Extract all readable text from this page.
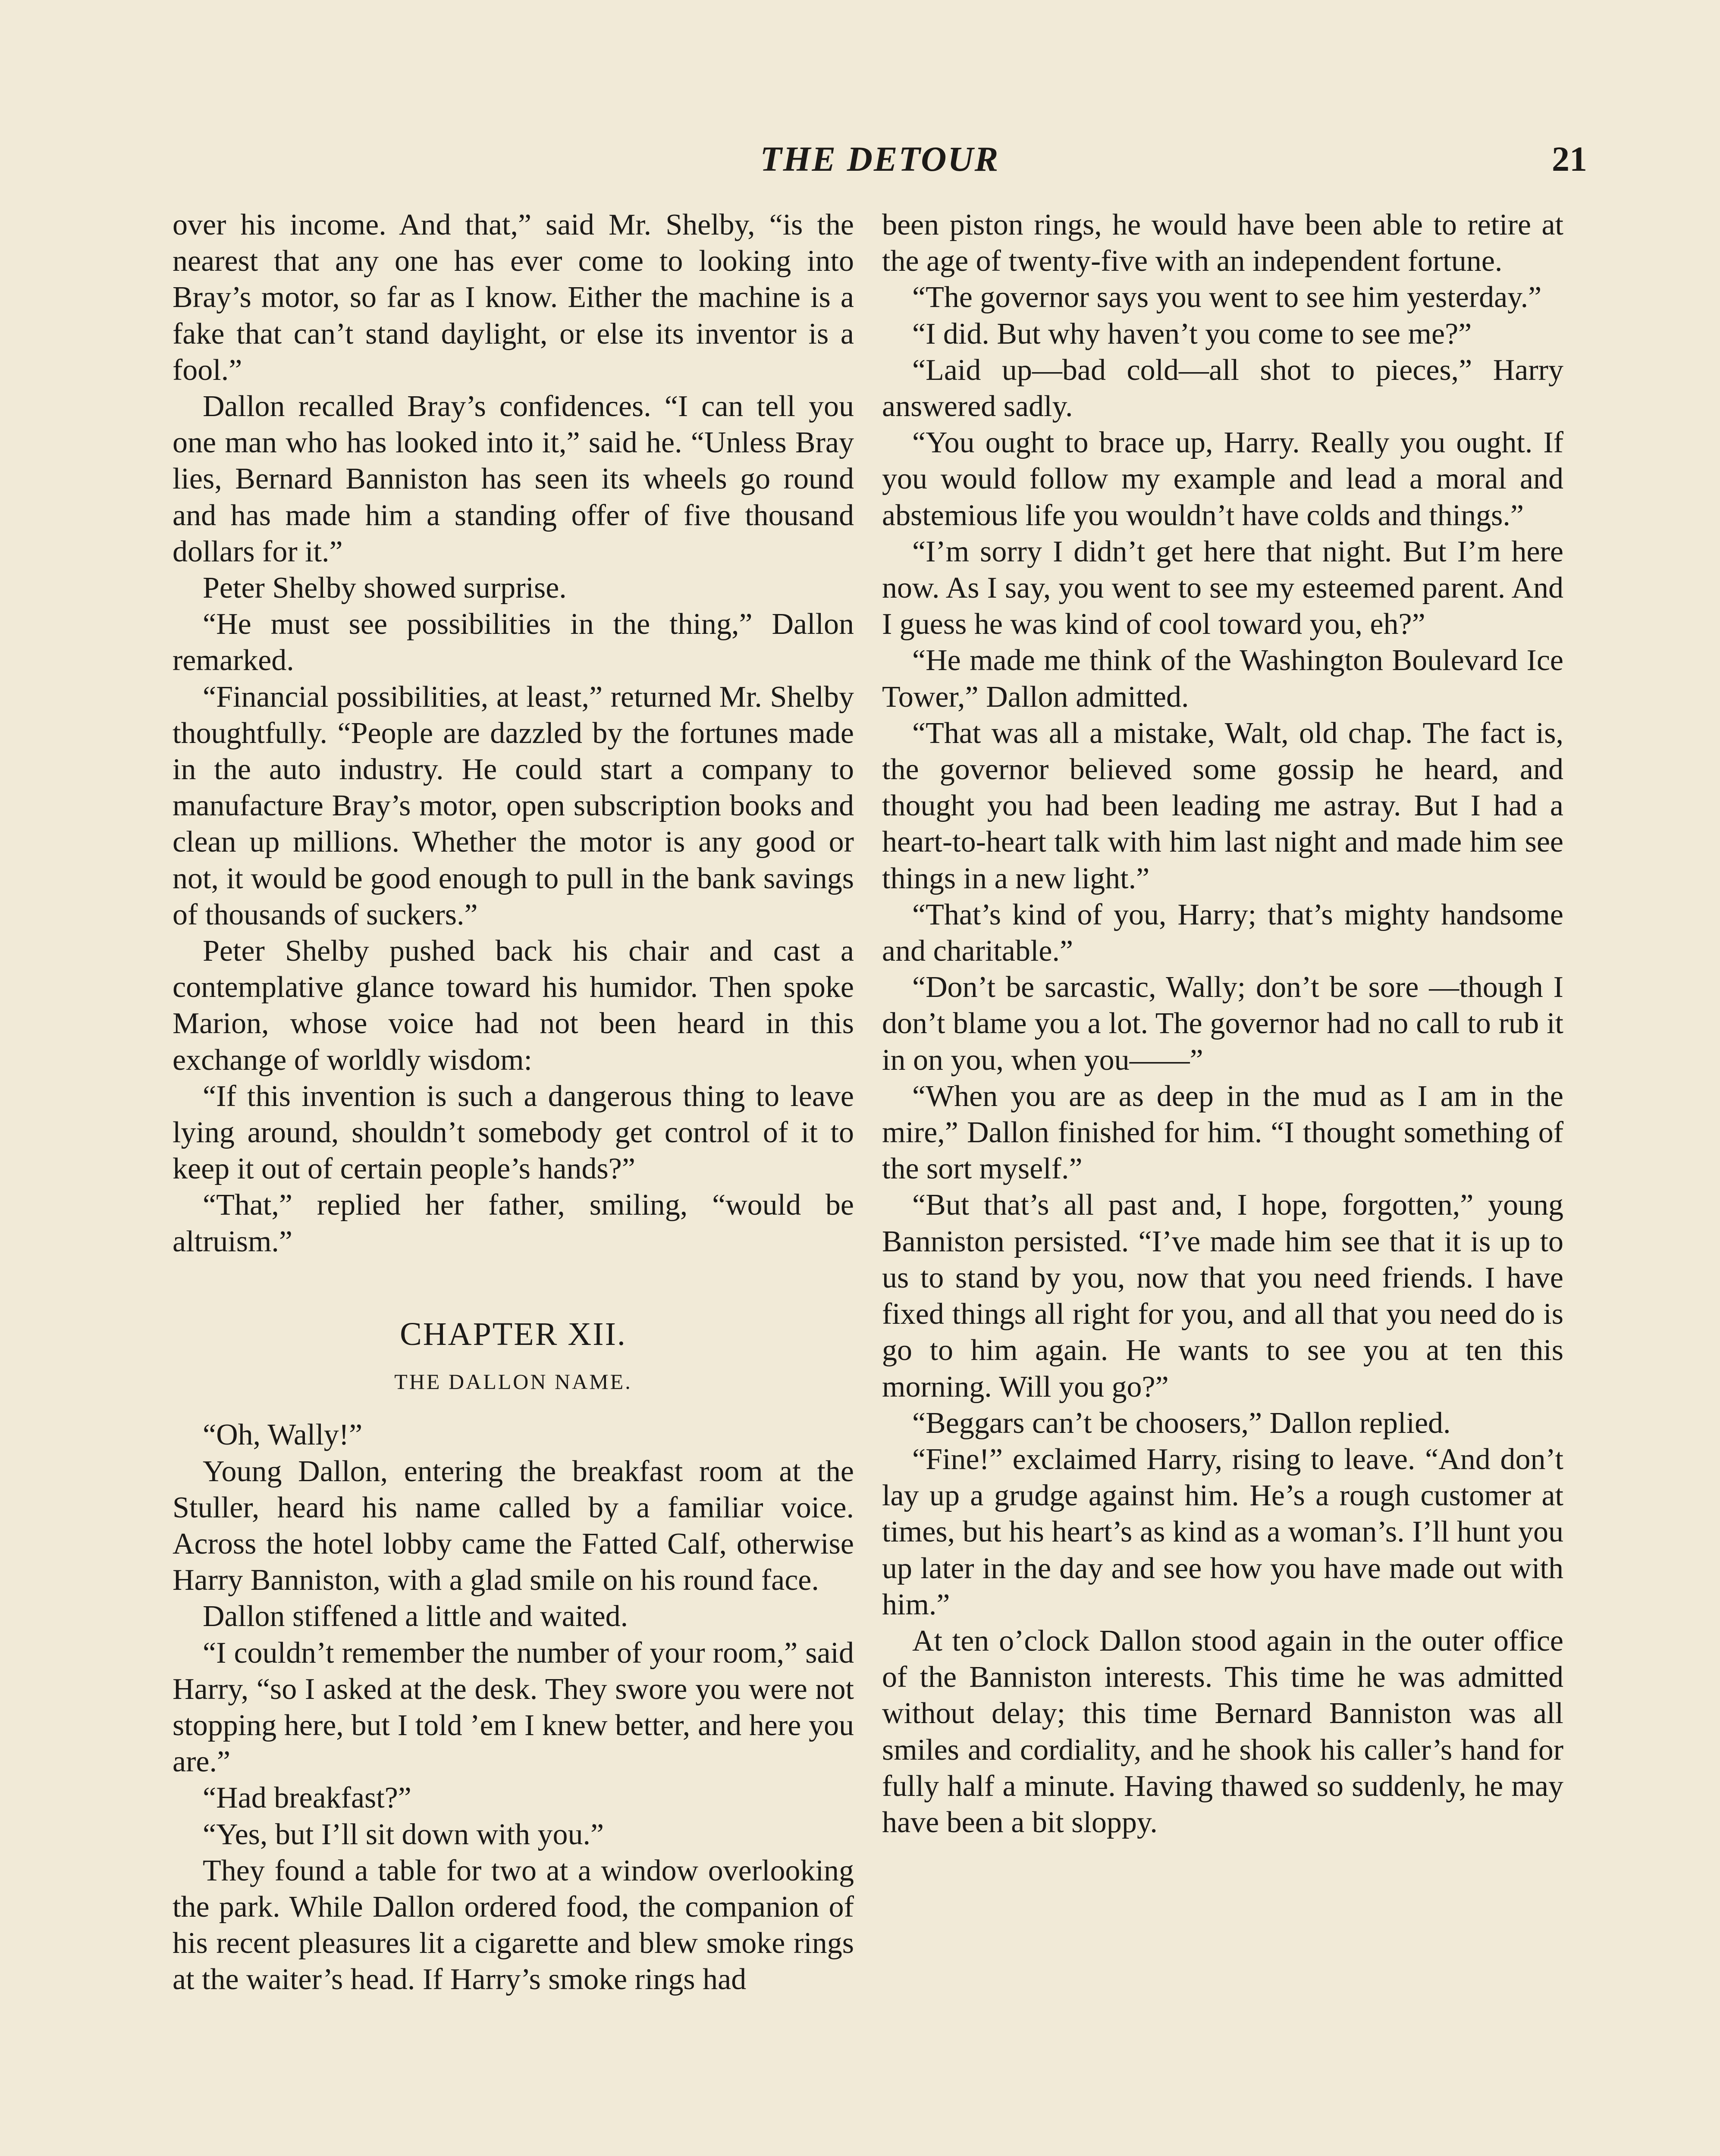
THE DETOUR	21

over his income. And that,” said Mr. Shelby, “is the nearest that any one has ever come to looking into Bray’s motor, so far as I know. Either the machine is a fake that can’t stand daylight, or else its inventor is a fool.”

Dallon recalled Bray’s confidences. “I can tell you one man who has looked into it,” said he. “Unless Bray lies, Bernard Banniston has seen its wheels go round and has made him a standing offer of five thousand dollars for it.”

Peter Shelby showed surprise.

“He must see possibilities in the thing,” Dallon remarked.

“Financial possibilities, at least,” returned Mr. Shelby thoughtfully. “People are dazzled by the fortunes made in the auto industry. He could start a company to manufacture Bray’s motor, open subscription books and clean up millions. Whether the motor is any good or not, it would be good enough to pull in the bank savings of thousands of suckers.”

Peter Shelby pushed back his chair and cast a contemplative glance toward his humidor. Then spoke Marion, whose voice had not been heard in this exchange of worldly wisdom:

“If this invention is such a dangerous thing to leave lying around, shouldn’t somebody get control of it to keep it out of certain people’s hands?”

“That,” replied her father, smiling, “would be altruism.”

CHAPTER XII.
THE DALLON NAME.

“Oh, Wally!”

Young Dallon, entering the breakfast room at the Stuller, heard his name called by a familiar voice. Across the hotel lobby came the Fatted Calf, otherwise Harry Banniston, with a glad smile on his round face.

Dallon stiffened a little and waited.

“I couldn’t remember the number of your room,” said Harry, “so I asked at the desk. They swore you were not stopping here, but I told ’em I knew better, and here you are.”

“Had breakfast?”

“Yes, but I’ll sit down with you.”

They found a table for two at a window overlooking the park. While Dallon ordered food, the companion of his recent pleasures lit a cigarette and blew smoke rings at the waiter’s head. If Harry’s smoke rings had

been piston rings, he would have been able to retire at the age of twenty-five with an independent fortune.

“The governor says you went to see him yesterday.”

“I did. But why haven’t you come to see me?”

“Laid up—bad cold—all shot to pieces,” Harry answered sadly.

“You ought to brace up, Harry. Really you ought. If you would follow my example and lead a moral and abstemious life you wouldn’t have colds and things.”

“I’m sorry I didn’t get here that night. But I’m here now. As I say, you went to see my esteemed parent. And I guess he was kind of cool toward you, eh?”

“He made me think of the Washington Boulevard Ice Tower,” Dallon admitted.

“That was all a mistake, Walt, old chap. The fact is, the governor believed some gossip he heard, and thought you had been leading me astray. But I had a heart-to-heart talk with him last night and made him see things in a new light.”

“That’s kind of you, Harry; that’s mighty handsome and charitable.”

“Don’t be sarcastic, Wally; don’t be sore —though I don’t blame you a lot. The governor had no call to rub it in on you, when you——”

“When you are as deep in the mud as I am in the mire,” Dallon finished for him. “I thought something of the sort myself.”

“But that’s all past and, I hope, forgotten,” young Banniston persisted. “I’ve made him see that it is up to us to stand by you, now that you need friends. I have fixed things all right for you, and all that you need do is go to him again. He wants to see you at ten this morning. Will you go?”

“Beggars can’t be choosers,” Dallon replied.

“Fine!” exclaimed Harry, rising to leave. “And don’t lay up a grudge against him. He’s a rough customer at times, but his heart’s as kind as a woman’s. I’ll hunt you up later in the day and see how you have made out with him.”

At ten o’clock Dallon stood again in the outer office of the Banniston interests. This time he was admitted without delay; this time Bernard Banniston was all smiles and cordiality, and he shook his caller’s hand for fully half a minute. Having thawed so suddenly, he may have been a bit sloppy.
